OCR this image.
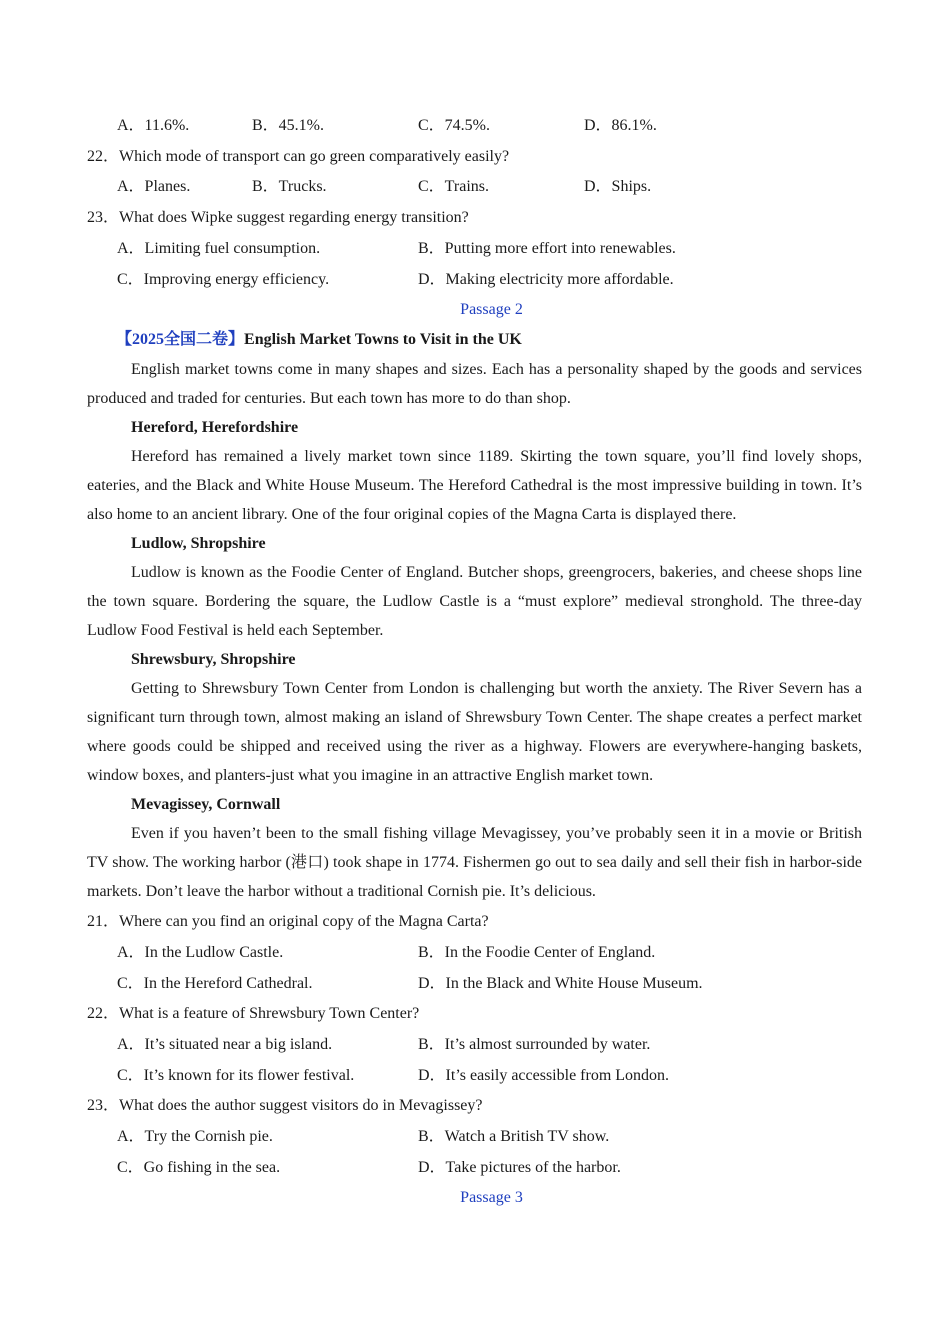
A．11.6%.	B．45.1%.	C．74.5%.	D．86.1%.
22．Which mode of transport can go green comparatively easily?
A．Planes.	B．Trucks.	C．Trains.	D．Ships.
23．What does Wipke suggest regarding energy transition?
A．Limiting fuel consumption.	B．Putting more effort into renewables.
C．Improving energy efficiency.	D．Making electricity more affordable.
Passage 2
【2025全国二卷】English Market Towns to Visit in the UK
English market towns come in many shapes and sizes. Each has a personality shaped by the goods and services produced and traded for centuries. But each town has more to do than shop.
Hereford, Herefordshire
Hereford has remained a lively market town since 1189. Skirting the town square, you’ll find lovely shops, eateries, and the Black and White House Museum. The Hereford Cathedral is the most impressive building in town. It’s also home to an ancient library. One of the four original copies of the Magna Carta is displayed there.
Ludlow, Shropshire
Ludlow is known as the Foodie Center of England. Butcher shops, greengrocers, bakeries, and cheese shops line the town square. Bordering the square, the Ludlow Castle is a “must explore” medieval stronghold. The three-day Ludlow Food Festival is held each September.
Shrewsbury, Shropshire
Getting to Shrewsbury Town Center from London is challenging but worth the anxiety. The River Severn has a significant turn through town, almost making an island of Shrewsbury Town Center. The shape creates a perfect market where goods could be shipped and received using the river as a highway. Flowers are everywhere-hanging baskets, window boxes, and planters-just what you imagine in an attractive English market town.
Mevagissey, Cornwall
Even if you haven’t been to the small fishing village Mevagissey, you’ve probably seen it in a movie or British TV show. The working harbor (港口) took shape in 1774. Fishermen go out to sea daily and sell their fish in harbor-side markets. Don’t leave the harbor without a traditional Cornish pie. It’s delicious.
21．Where can you find an original copy of the Magna Carta?
A．In the Ludlow Castle.	B．In the Foodie Center of England.
C．In the Hereford Cathedral.	D．In the Black and White House Museum.
22．What is a feature of Shrewsbury Town Center?
A．It’s situated near a big island.	B．It’s almost surrounded by water.
C．It’s known for its flower festival.	D．It’s easily accessible from London.
23．What does the author suggest visitors do in Mevagissey?
A．Try the Cornish pie.	B．Watch a British TV show.
C．Go fishing in the sea.	D．Take pictures of the harbor.
Passage 3
